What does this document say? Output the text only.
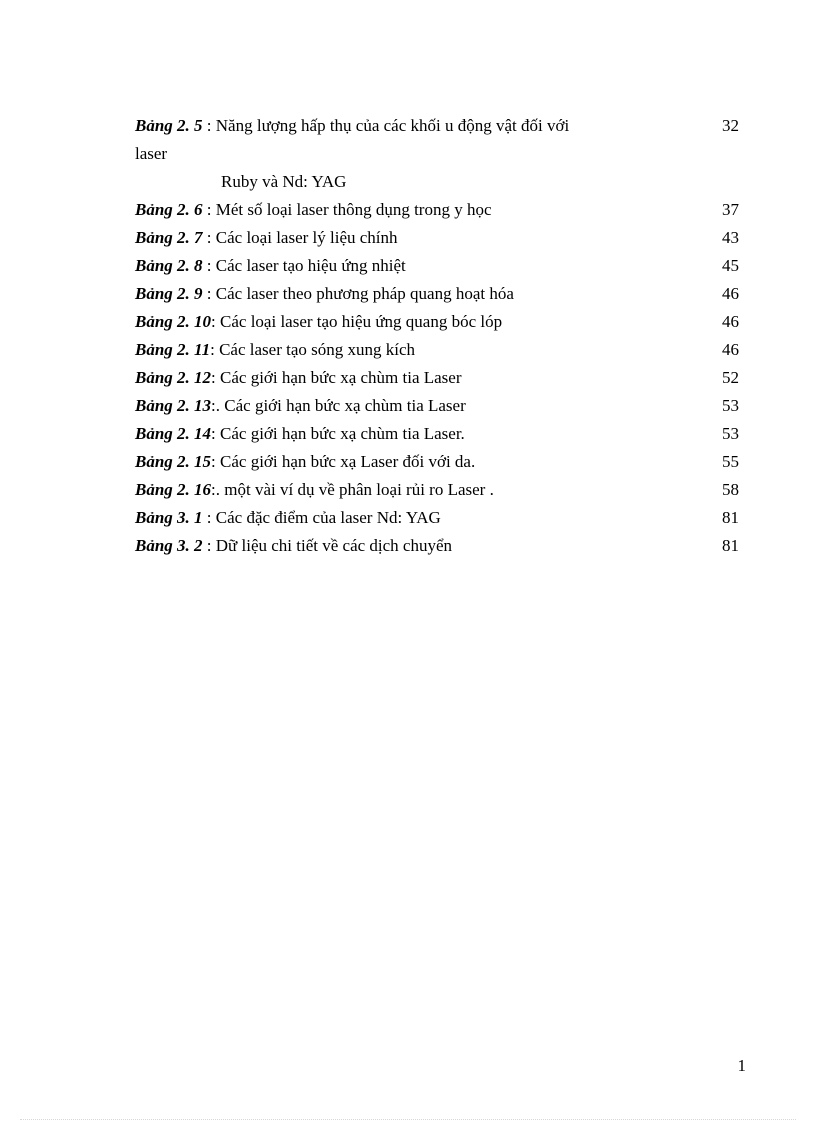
Bảng 2. 5 : Năng lượng hấp thụ của các khối u động vật đối với	32
laser
Ruby và Nd: YAG
Bảng 2. 6 : Mét số loại laser thông dụng trong y học	37
Bảng 2. 7 : Các loại laser lý liệu chính	43
Bảng 2. 8 : Các laser tạo hiệu ứng nhiệt	45
Bảng 2. 9 : Các laser theo phương pháp quang hoạt hóa	46
Bảng 2. 10: Các loại laser tạo hiệu ứng quang bóc lóp	46
Bảng 2. 11: Các laser tạo sóng xung kích	46
Bảng 2. 12: Các giới hạn bức xạ chùm tia Laser	52
Bảng 2. 13:. Các giới hạn bức xạ chùm tia Laser	53
Bảng 2. 14: Các giới hạn bức xạ chùm tia Laser.	53
Bảng 2. 15: Các giới hạn bức xạ Laser đối với da.	55
Bảng 2. 16:. một vài ví dụ về phân loại rủi ro Laser .	58
Bảng 3. 1 : Các đặc điểm của laser Nd: YAG	81
Bảng 3. 2 : Dữ liệu chi tiết về các dịch chuyển	81
1
